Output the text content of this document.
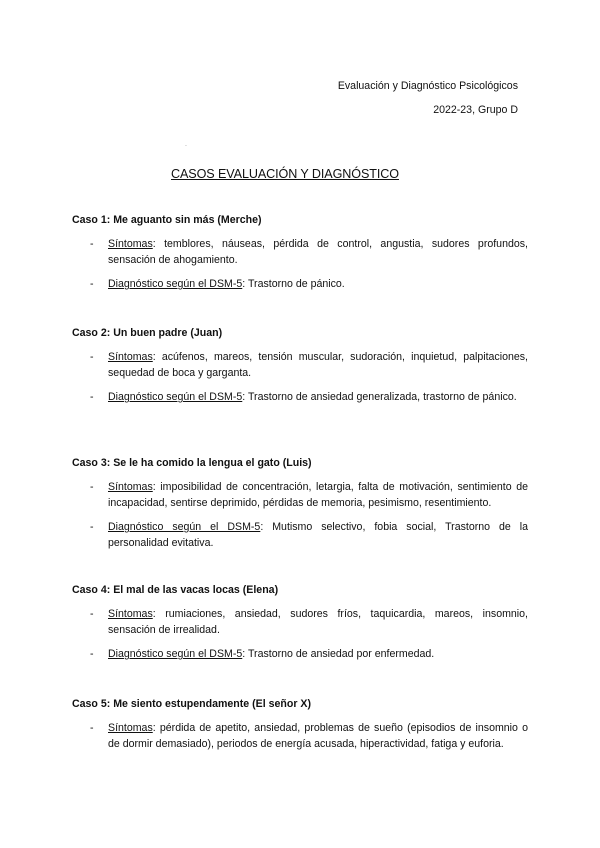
Evaluación y Diagnóstico Psicológicos
2022-23, Grupo D
.
CASOS EVALUACIÓN Y DIAGNÓSTICO
Caso 1: Me aguanto sin más (Merche)
- Síntomas: temblores, náuseas, pérdida de control, angustia, sudores profundos, sensación de ahogamiento.
- Diagnóstico según el DSM-5: Trastorno de pánico.
Caso 2: Un buen padre (Juan)
- Síntomas: acúfenos, mareos, tensión muscular, sudoración, inquietud, palpitaciones, sequedad de boca y garganta.
- Diagnóstico según el DSM-5: Trastorno de ansiedad generalizada, trastorno de pánico.
Caso 3: Se le ha comido la lengua el gato (Luis)
- Síntomas: imposibilidad de concentración, letargia, falta de motivación, sentimiento de incapacidad, sentirse deprimido, pérdidas de memoria, pesimismo, resentimiento.
- Diagnóstico según el DSM-5: Mutismo selectivo, fobia social, Trastorno de la personalidad evitativa.
Caso 4: El mal de las vacas locas (Elena)
- Síntomas: rumiaciones, ansiedad, sudores fríos, taquicardia, mareos, insomnio, sensación de irrealidad.
- Diagnóstico según el DSM-5: Trastorno de ansiedad por enfermedad.
Caso 5: Me siento estupendamente (El señor X)
- Síntomas: pérdida de apetito, ansiedad, problemas de sueño (episodios de insomnio o de dormir demasiado), periodos de energía acusada, hiperactividad, fatiga y euforia.
